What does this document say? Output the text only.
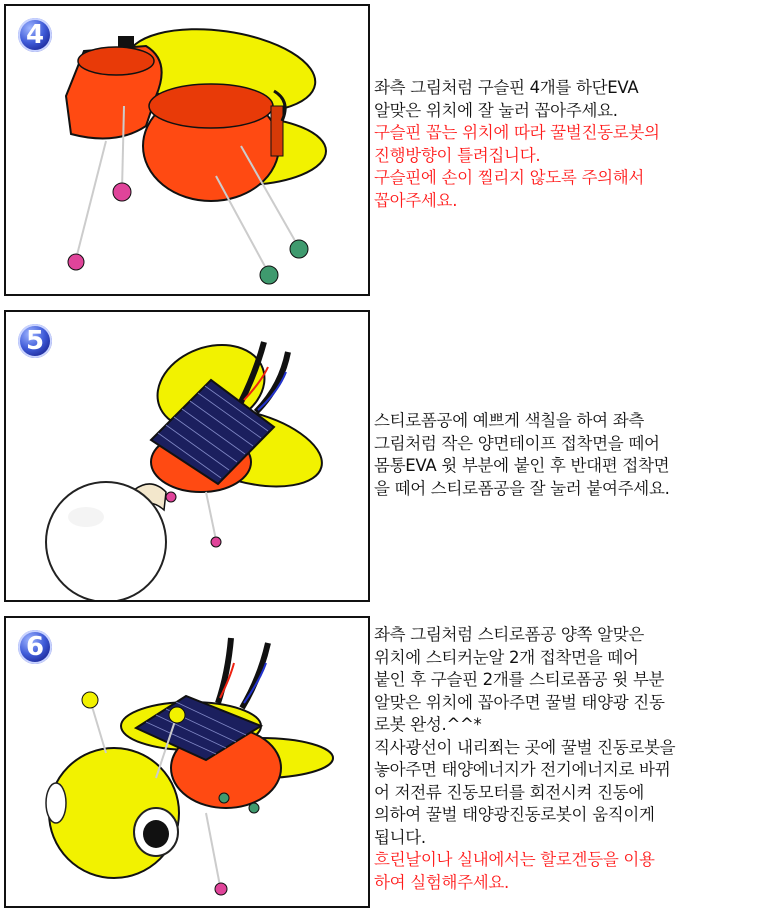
4

좌측 그림처럼 구슬핀 4개를 하단EVA

알맞은 위치에 잘 눌러 꼽아주세요.

구슬핀 꼽는 위치에 따라 꿀벌진동로봇의

진행방향이 틀려집니다.

구슬핀에 손이 찔리지 않도록 주의해서

꼽아주세요.

5

스티로폼공에 예쁘게 색칠을 하여 좌측

그림처럼 작은 양면테이프 접착면을 떼어

몸통EVA 윗 부분에 붙인 후 반대편 접착면

을 떼어 스티로폼공을 잘 눌러 붙여주세요.

6	좌측 그림처럼 스티로폼공 양쪽 알맞은

위치에 스티커눈알 2개 접착면을 떼어

붙인 후 구슬핀 2개를 스티로폼공 윗 부분

알맞은 위치에 꼽아주면 꿀벌 태양광 진동

로봇 완성.^^*

직사광선이 내리쬐는 곳에 꿀벌 진동로봇을

놓아주면 태양에너지가 전기에너지로 바뀌

어 저전류 진동모터를 회전시켜 진동에

의하여 꿀벌 태양광진동로봇이 움직이게

됩니다.

흐린날이나 실내에서는 할로겐등을 이용

하여 실험해주세요.
